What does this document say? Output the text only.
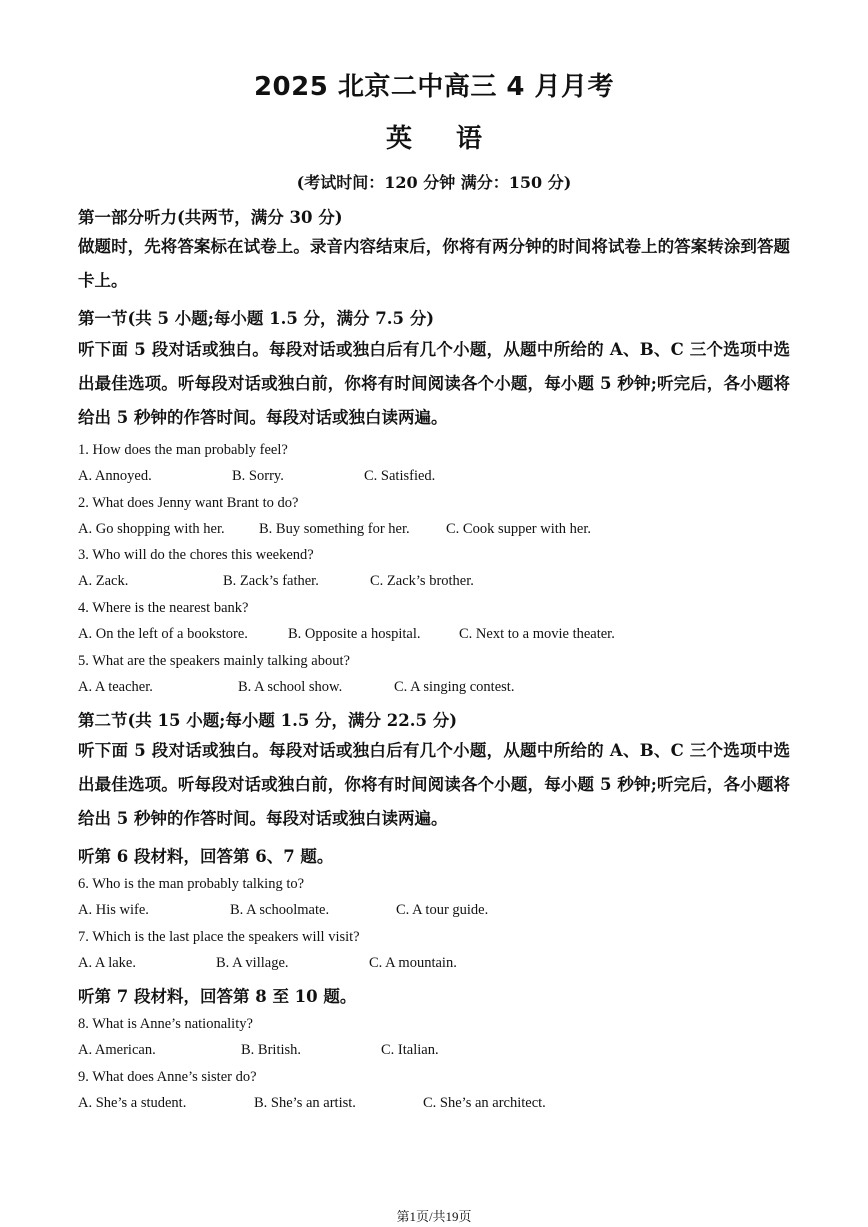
2025 北京二中高三 4 月月考
英语
(考试时间：120 分钟 满分：150 分)
第一部分听力(共两节，满分 30 分)
做题时，先将答案标在试卷上。录音内容结束后，你将有两分钟的时间将试卷上的答案转涂到答题卡上。
第一节(共 5 小题;每小题 1.5 分，满分 7.5 分)
听下面 5 段对话或独白。每段对话或独白后有几个小题，从题中所给的 A、B、C 三个选项中选出最佳选项。听每段对话或独白前，你将有时间阅读各个小题，每小题 5 秒钟;听完后，各小题将给出 5 秒钟的作答时间。每段对话或独白读两遍。
1. How does the man probably feel?
A. Annoyed.	B. Sorry.	C. Satisfied.
2. What does Jenny want Brant to do?
A. Go shopping with her. B. Buy something for her.	C. Cook supper with her.
3. Who will do the chores this weekend?
A. Zack.	B. Zack’s father.	C. Zack’s brother.
4. Where is the nearest bank?
A. On the left of a bookstore.	B. Opposite a hospital.	C. Next to a movie theater.
5. What are the speakers mainly talking about?
A. A teacher.	B. A school show.	C. A singing contest.
第二节(共 15 小题;每小题 1.5 分，满分 22.5 分)
听下面 5 段对话或独白。每段对话或独白后有几个小题，从题中所给的 A、B、C 三个选项中选出最佳选项。听每段对话或独白前，你将有时间阅读各个小题，每小题 5 秒钟;听完后，各小题将给出 5 秒钟的作答时间。每段对话或独白读两遍。
听第 6 段材料，回答第 6、7 题。
6. Who is the man probably talking to?
A. His wife.	B. A schoolmate.	C. A tour guide.
7. Which is the last place the speakers will visit?
A. A lake.	B. A village.	C. A mountain.
听第 7 段材料，回答第 8 至 10 题。
8. What is Anne’s nationality?
A. American.	B. British.	C. Italian.
9. What does Anne’s sister do?
A. She’s a student.	B. She’s an artist.	C. She’s an architect.
第1页/共19页
